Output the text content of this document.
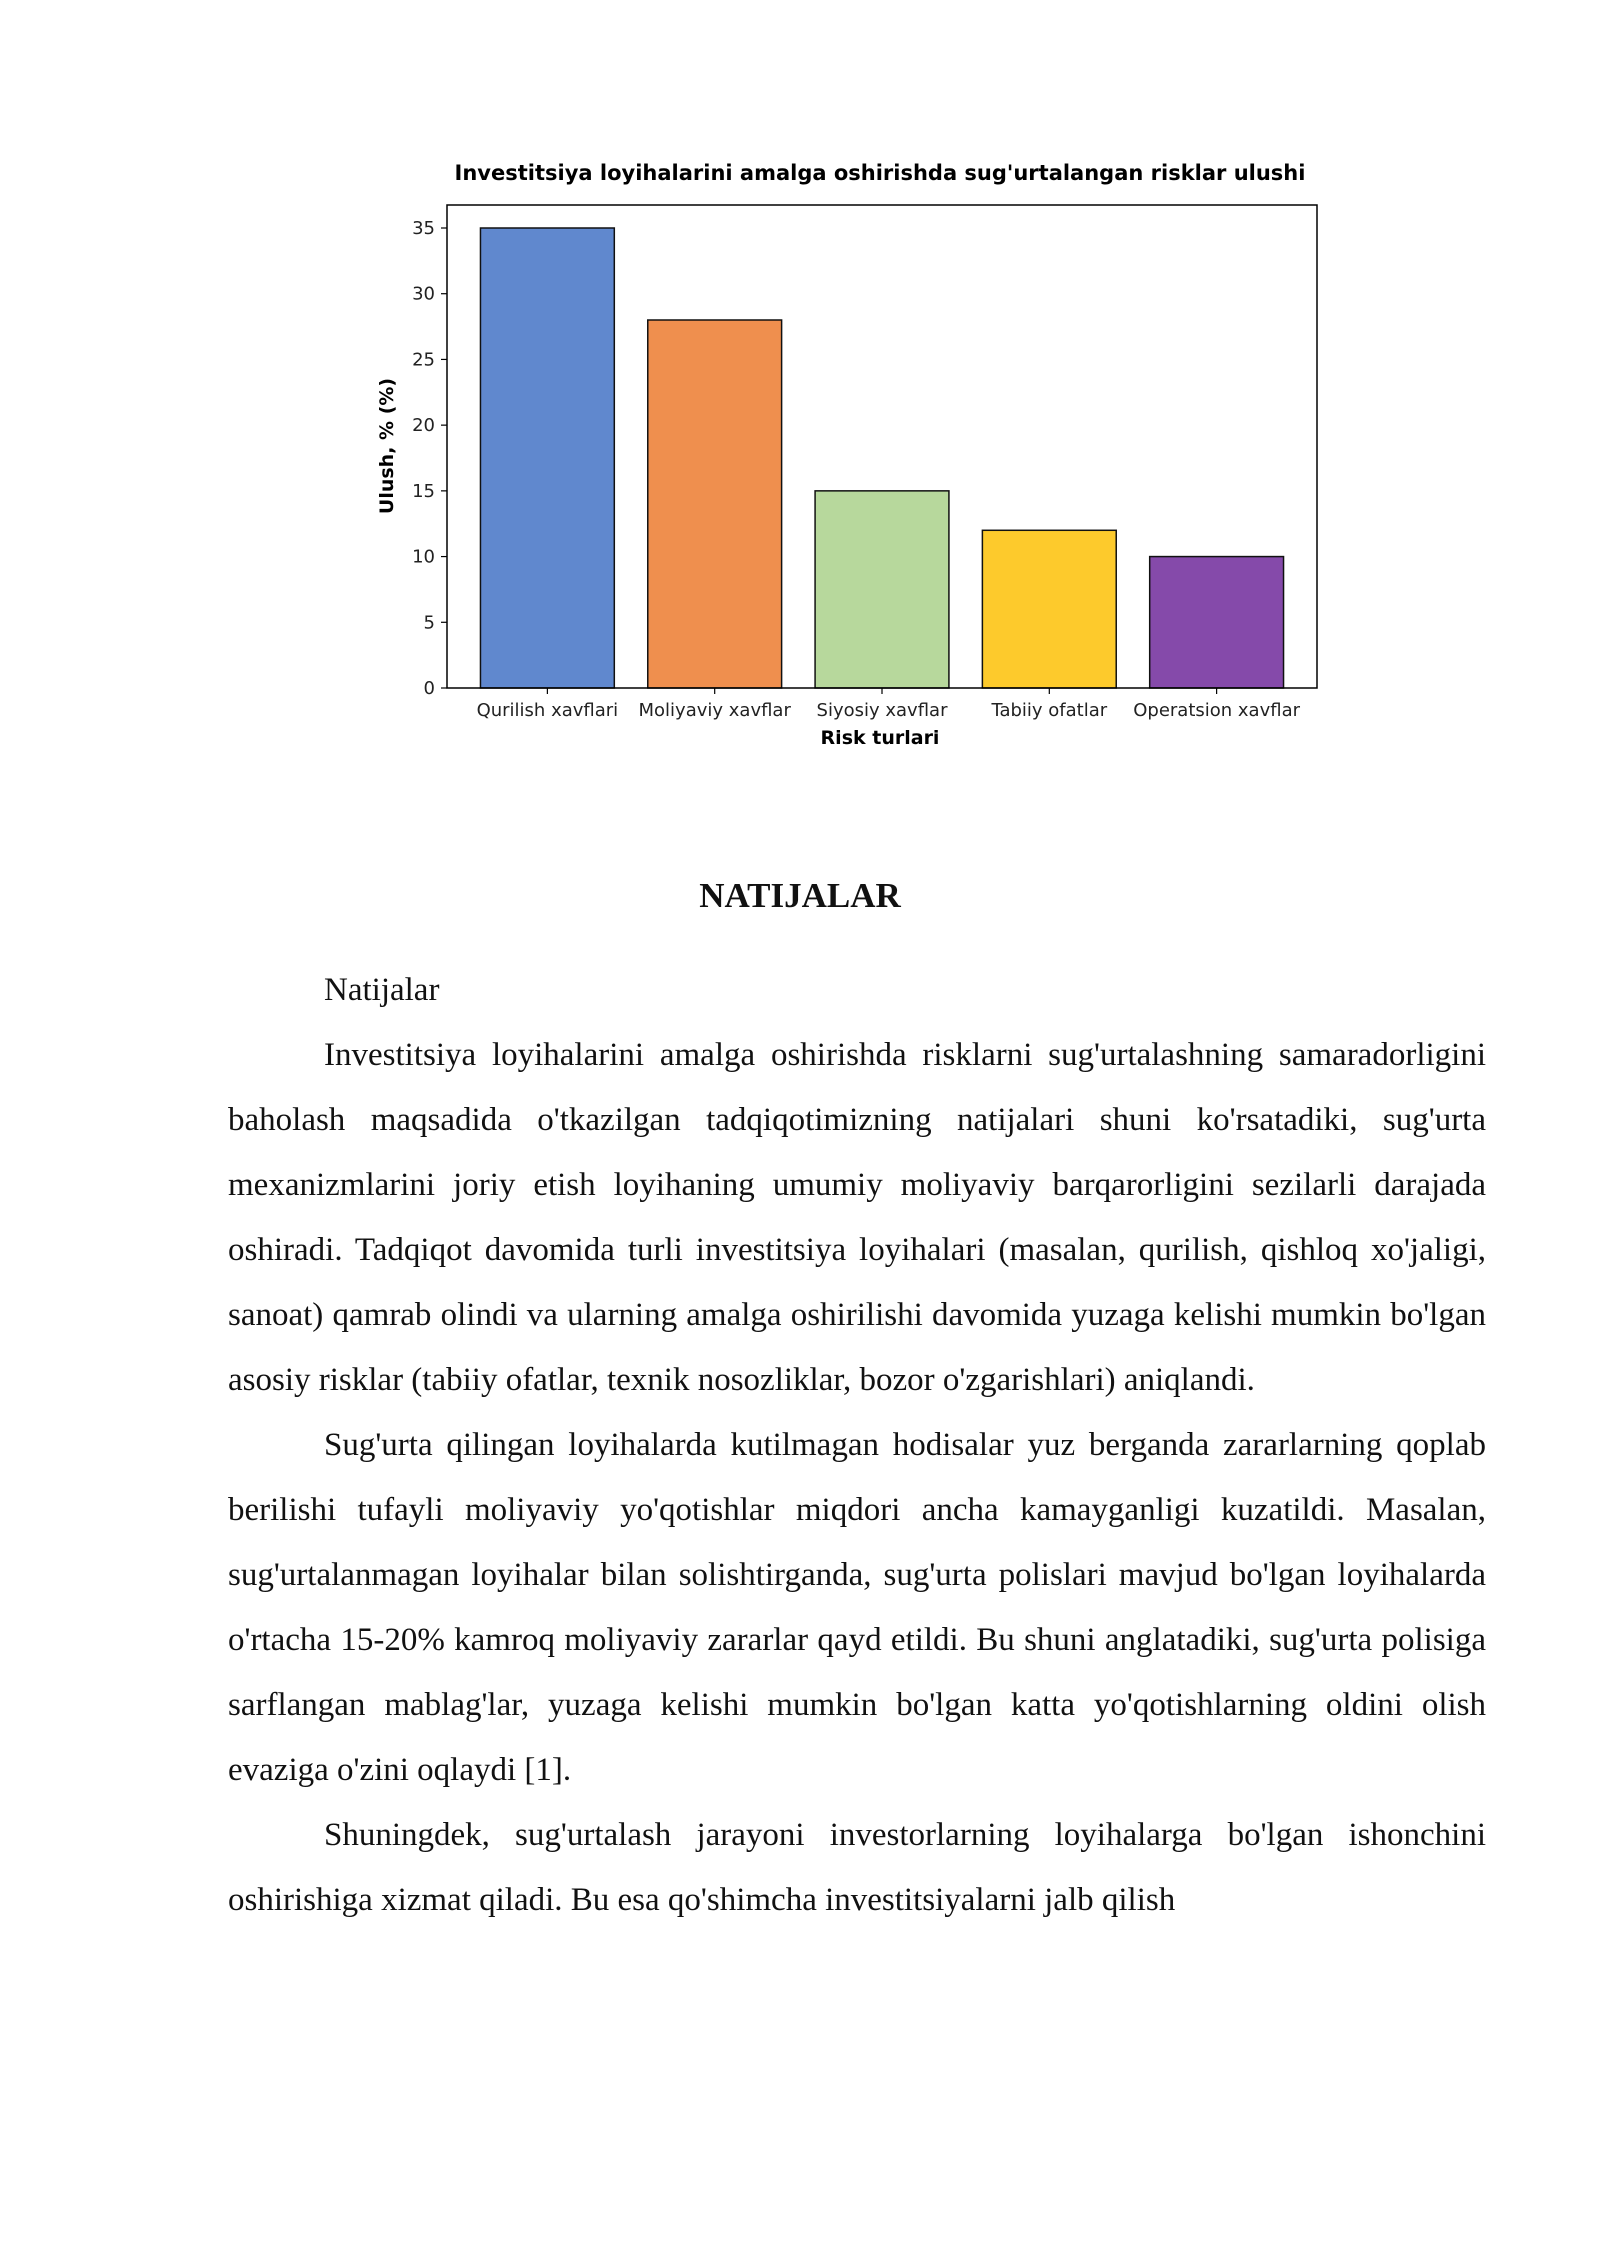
Investitsiya loyihalarini amalga oshirishda sug'urtalangan risklar ulushi
0
5
10
15
20
25
30
35
Qurilish xavflari Moliyaviy xavflar Siyosiy xavflar Tabiiy ofatlar Operatsion xavflar
Risk turlari
Ulush, % (%)
NATIJALAR

Natijalar

Investitsiya loyihalarini amalga oshirishda risklarni sug'urtalashning samaradorligini baholash maqsadida o'tkazilgan tadqiqotimizning natijalari shuni ko'rsatadiki, sug'urta mexanizmlarini joriy etish loyihaning umumiy moliyaviy barqarorligini sezilarli darajada oshiradi. Tadqiqot davomida turli investitsiya loyihalari (masalan, qurilish, qishloq xo'jaligi, sanoat) qamrab olindi va ularning amalga oshirilishi davomida yuzaga kelishi mumkin bo'lgan asosiy risklar (tabiiy ofatlar, texnik nosozliklar, bozor o'zgarishlari) aniqlandi.

Sug'urta qilingan loyihalarda kutilmagan hodisalar yuz berganda zararlarning qoplab berilishi tufayli moliyaviy yo'qotishlar miqdori ancha kamayganligi kuzatildi. Masalan, sug'urtalanmagan loyihalar bilan solishtirganda, sug'urta polislari mavjud bo'lgan loyihalarda o'rtacha 15-20% kamroq moliyaviy zararlar qayd etildi. Bu shuni anglatadiki, sug'urta polisiga sarflangan mablag'lar, yuzaga kelishi mumkin bo'lgan katta yo'qotishlarning oldini olish evaziga o'zini oqlaydi [1].

Shuningdek, sug'urtalash jarayoni investorlarning loyihalarga bo'lgan ishonchini oshirishiga xizmat qiladi. Bu esa qo'shimcha investitsiyalarni jalb qilish
